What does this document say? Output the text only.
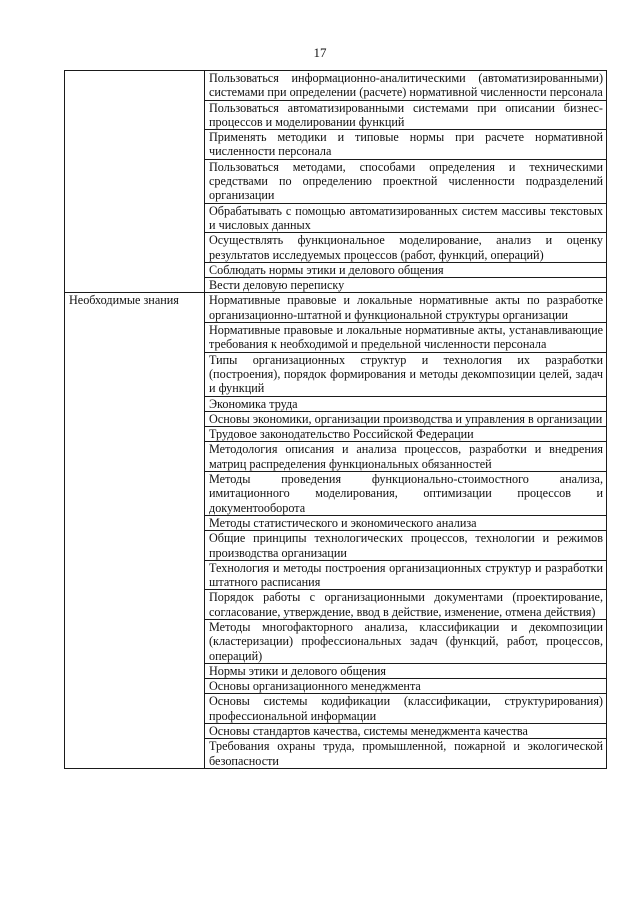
17
	Пользоваться информационно-аналитическими (автоматизированными) системами при определении (расчете) нормативной численности персонала
	Пользоваться автоматизированными системами при описании бизнес-процессов и моделировании функций
	Применять методики и типовые нормы при расчете нормативной численности персонала
	Пользоваться методами, способами определения и техническими средствами по определению проектной численности подразделений организации
	Обрабатывать с помощью автоматизированных систем массивы текстовых и числовых данных
	Осуществлять функциональное моделирование, анализ и оценку результатов исследуемых процессов (работ, функций, операций)
	Соблюдать нормы этики и делового общения
	Вести деловую переписку
Необходимые знания	Нормативные правовые и локальные нормативные акты по разработке организационно-штатной и функциональной структуры организации
	Нормативные правовые и локальные нормативные акты, устанавливающие требования к необходимой и предельной численности персонала
	Типы организационных структур и технология их разработки (построения), порядок формирования и методы декомпозиции целей, задач и функций
	Экономика труда
	Основы экономики, организации производства и управления в организации
	Трудовое законодательство Российской Федерации
	Методология описания и анализа процессов, разработки и внедрения матриц распределения функциональных обязанностей
	Методы проведения функционально-стоимостного анализа, имитационного моделирования, оптимизации процессов и документооборота
	Методы статистического и экономического анализа
	Общие принципы технологических процессов, технологии и режимов производства организации
	Технология и методы построения организационных структур и разработки штатного расписания
	Порядок работы с организационными документами (проектирование, согласование, утверждение, ввод в действие, изменение, отмена действия)
	Методы многофакторного анализа, классификации и декомпозиции (кластеризации) профессиональных задач (функций, работ, процессов, операций)
	Нормы этики и делового общения
	Основы организационного менеджмента
	Основы системы кодификации (классификации, структурирования) профессиональной информации
	Основы стандартов качества, системы менеджмента качества
	Требования охраны труда, промышленной, пожарной и экологической безопасности
